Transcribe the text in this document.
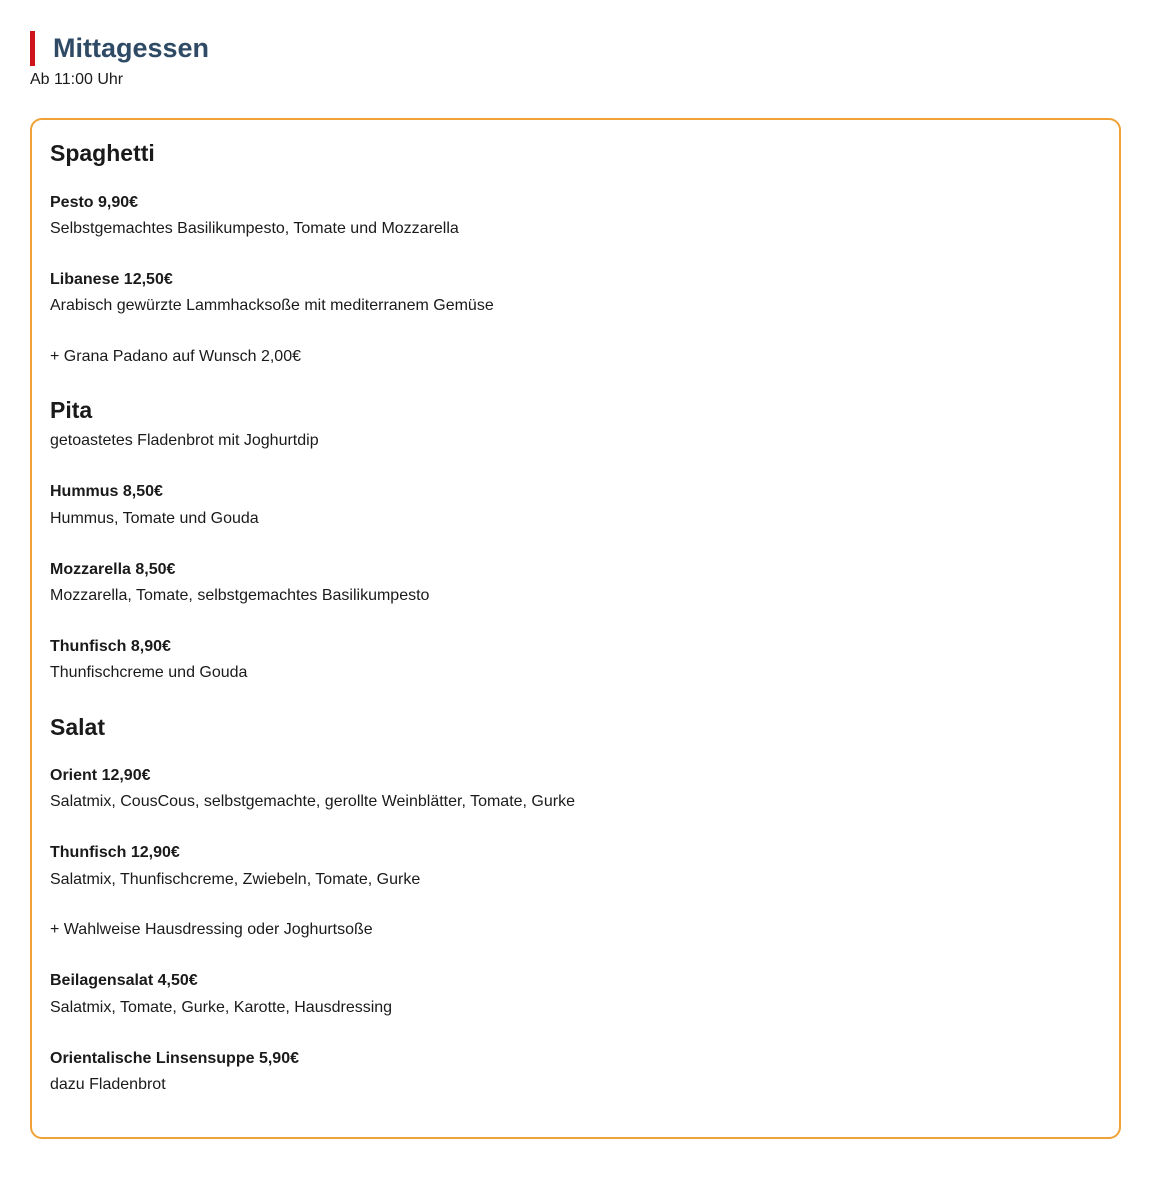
Mittagessen
Ab 11:00 Uhr
Spaghetti
Pesto 9,90€
Selbstgemachtes Basilikumpesto, Tomate und Mozzarella
Libanese 12,50€
Arabisch gewürzte Lammhacksoße mit mediterranem Gemüse
+ Grana Padano auf Wunsch 2,00€
Pita
getoastetes Fladenbrot mit Joghurtdip
Hummus 8,50€
Hummus, Tomate und Gouda
Mozzarella 8,50€
Mozzarella, Tomate, selbstgemachtes Basilikumpesto
Thunfisch 8,90€
Thunfischcreme und Gouda
Salat
Orient 12,90€
Salatmix, CousCous, selbstgemachte, gerollte Weinblätter, Tomate, Gurke
Thunfisch 12,90€
Salatmix, Thunfischcreme, Zwiebeln, Tomate, Gurke
+ Wahlweise Hausdressing oder Joghurtsoße
Beilagensalat 4,50€
Salatmix, Tomate, Gurke, Karotte, Hausdressing
Orientalische Linsensuppe 5,90€
dazu Fladenbrot
